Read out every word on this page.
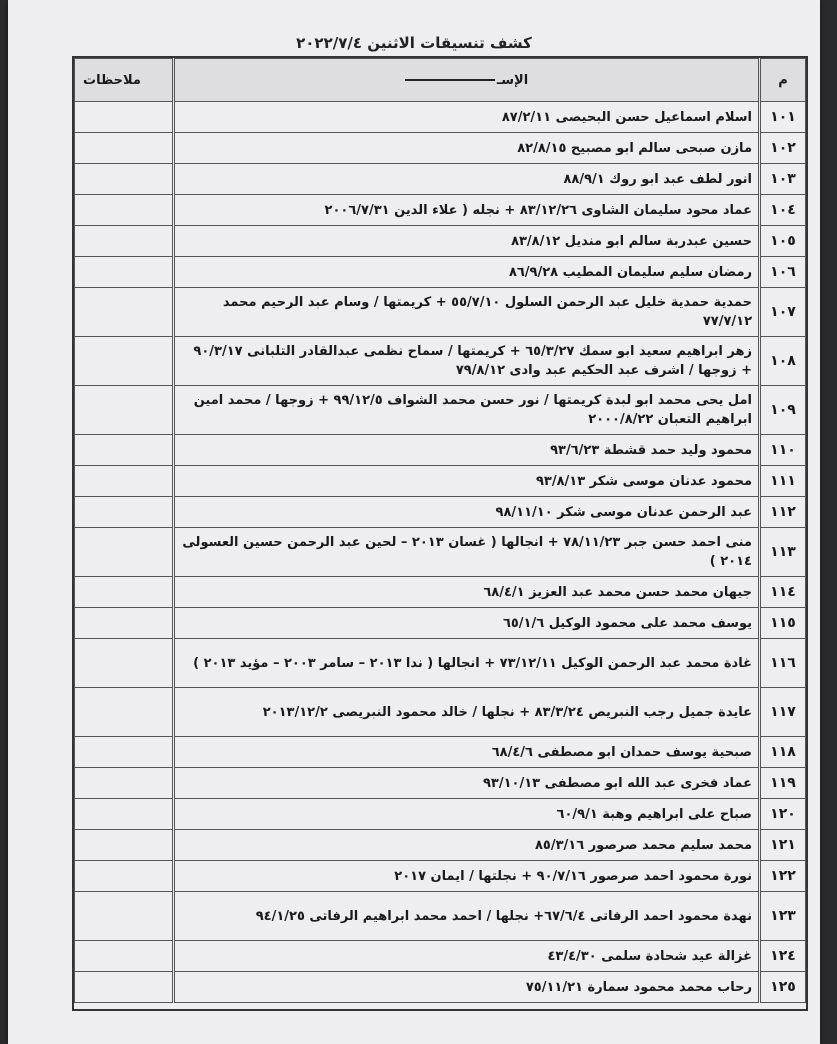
كشف تنسيقات الاثنين ٢٠٢٢/٧/٤
م	الإسـ	ملاحظات
١٠١	اسلام اسماعيل حسن البحيصى ٨٧/٢/١١	
١٠٢	مازن صبحى سالم ابو مصبيح ٨٢/٨/١٥	
١٠٣	انور لطف عبد ابو روك ٨٨/٩/١	
١٠٤	عماد محود سليمان الشاوى ٨٣/١٢/٢٦ + نجله ( علاء الدين ٢٠٠٦/٧/٣١	
١٠٥	حسين عبدربة سالم ابو منديل ٨٣/٨/١٢	
١٠٦	رمضان سليم سليمان المطيب ٨٦/٩/٢٨	
١٠٧	حمدية حمدية خليل عبد الرحمن السلول ٥٥/٧/١٠ + كريمتها / وسام عبد الرحيم محمد ٧٧/٧/١٢	
١٠٨	زهر ابراهيم سعيد ابو سمك ٦٥/٣/٢٧ + كريمتها / سماح نظمى عبدالقادر التلبانى ٩٠/٣/١٧ + زوجها / اشرف عبد الحكيم عبد وادى ٧٩/٨/١٢	
١٠٩	امل يحى محمد ابو لبدة كريمتها / نور حسن محمد الشواف ٩٩/١٢/٥ + زوجها / محمد امين ابراهيم التعبان ٢٠٠٠/٨/٢٢	
١١٠	محمود وليد حمد قشطة ٩٣/٦/٢٣	
١١١	محمود عدنان موسى شكر ٩٣/٨/١٣	
١١٢	عبد الرحمن عدنان موسى شكر ٩٨/١١/١٠	
١١٣	منى احمد حسن جبر ٧٨/١١/٢٣ + انجالها ( غسان ٢٠١٣ – لحين عبد الرحمن حسين العسولى ٢٠١٤ )	
١١٤	جيهان محمد حسن محمد عبد العزيز ٦٨/٤/١	
١١٥	يوسف محمد على محمود الوكيل ٦٥/١/٦	
١١٦	غادة محمد عبد الرحمن الوكيل ٧٣/١٢/١١ + انجالها ( ندا ٢٠١٣ – سامر ٢٠٠٣ – مؤيد ٢٠١٣ )	
١١٧	عايدة جميل رجب النبريص ٨٣/٣/٢٤ + نجلها / خالد محمود النبريصى ٢٠١٣/١٢/٢	
١١٨	صبحية يوسف حمدان ابو مصطفى ٦٨/٤/٦	
١١٩	عماد فخرى عبد الله ابو مصطفى ٩٣/١٠/١٣	
١٢٠	صباح على ابراهيم وهبة ٦٠/٩/١	
١٢١	محمد سليم محمد صرصور ٨٥/٣/١٦	
١٢٢	نورة محمود احمد صرصور ٩٠/٧/١٦ + نجلتها / ايمان ٢٠١٧	
١٢٣	نهدة محمود احمد الرفاتى ٦٧/٦/٤+ نجلها / احمد محمد ابراهيم الرفاتى ٩٤/١/٢٥	
١٢٤	غزالة عيد شحادة سلمى ٤٣/٤/٣٠	
١٢٥	رحاب محمد محمود سمارة ٧٥/١١/٢١	
